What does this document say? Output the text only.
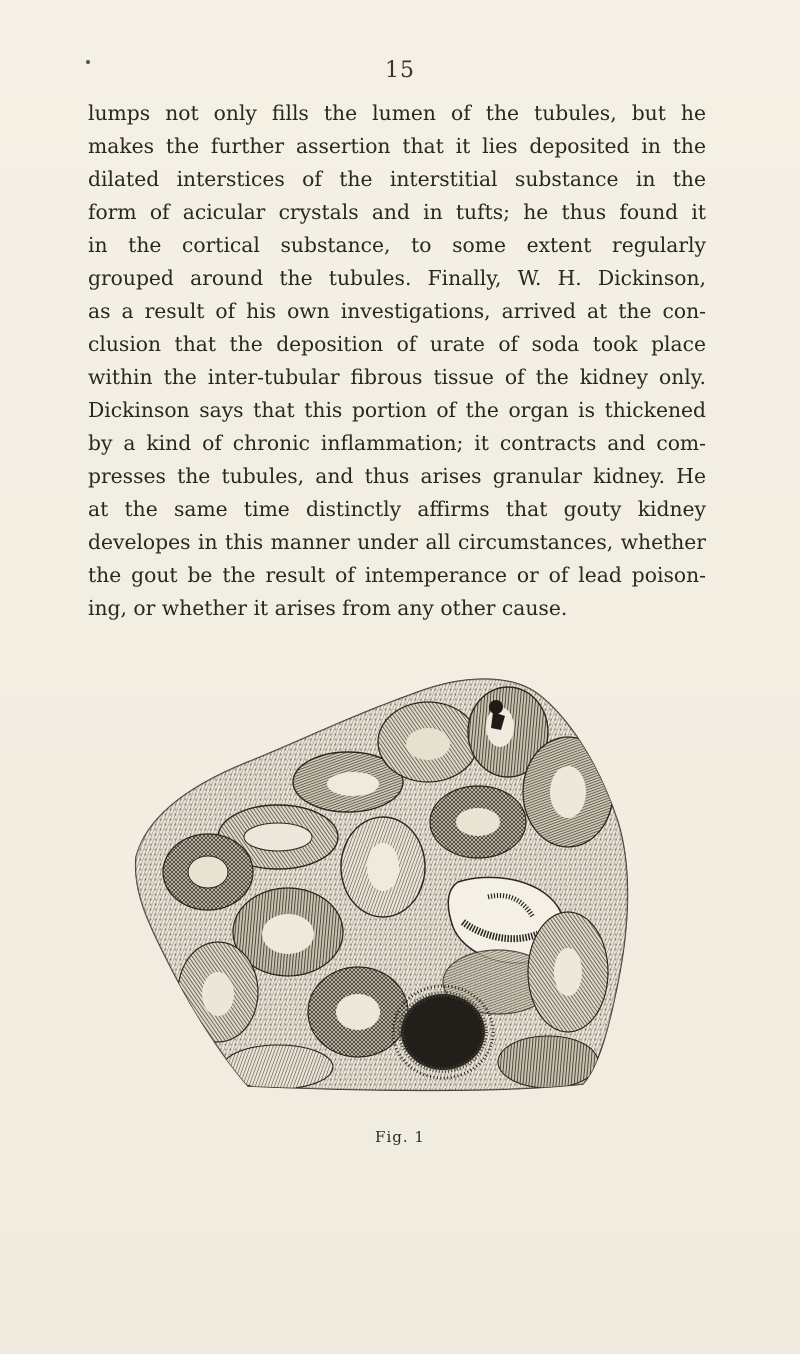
15
lumps not only fills the lumen of the tubules, but he
makes the further assertion that it lies deposited in the
dilated interstices of the interstitial substance in the
form of acicular crystals and in tufts; he thus found it
in the cortical substance, to some extent regularly
grouped around the tubules. Finally, W. H. Dickinson,
as a result of his own investigations, arrived at the con-
clusion that the deposition of urate of soda took place
within the inter-tubular fibrous tissue of the kidney only.
Dickinson says that this portion of the organ is thickened
by a kind of chronic inflammation; it contracts and com-
presses the tubules, and thus arises granular kidney. He
at the same time distinctly affirms that gouty kidney
developes in this manner under all circumstances, whether
the gout be the result of intemperance or of lead poison-
ing, or whether it arises from any other cause.
Fig. 1
